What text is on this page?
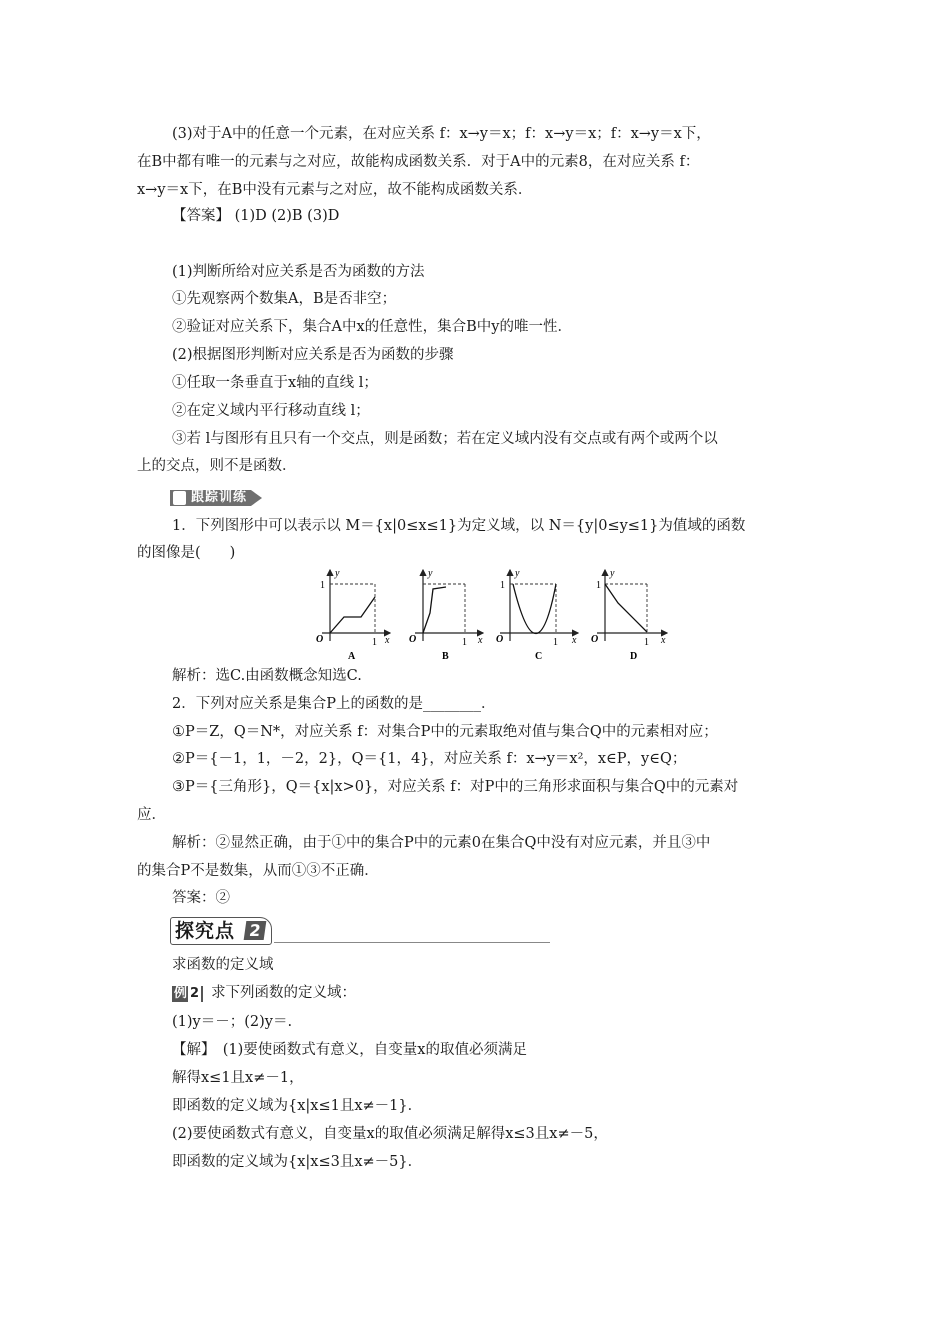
(3)对于A中的任意一个元素，在对应关系 f：x→y＝x；f：x→y＝x；f：x→y＝x下，
在B中都有唯一的元素与之对应，故能构成函数关系．对于A中的元素8，在对应关系 f：
x→y＝x下，在B中没有元素与之对应，故不能构成函数关系．
【答案】 (1)D (2)B (3)D
(1)判断所给对应关系是否为函数的方法
①先观察两个数集A，B是否非空；
②验证对应关系下，集合A中x的任意性，集合B中y的唯一性．
(2)根据图形判断对应关系是否为函数的步骤
①任取一条垂直于x轴的直线 l；
②在定义域内平行移动直线 l；
③若 l与图形有且只有一个交点，则是函数；若在定义域内没有交点或有两个或两个以
上的交点，则不是函数．
跟踪训练
1．下列图形中可以表示以 M＝{x|0≤x≤1}为定义域，以 N＝{y|0≤y≤1}为值域的函数
的图像是(　　)
y
x
O
1
1
A
y
x
O	1
B
y
x
O
1
1
C
y
x
O
1
1
D
解析：选C.由函数概念知选C.
2．下列对应关系是集合P上的函数的是________．
①P＝Z，Q＝N*，对应关系 f：对集合P中的元素取绝对值与集合Q中的元素相对应；
②P＝{－1，1，－2，2}，Q＝{1，4}，对应关系 f：x→y＝x²，x∈P，y∈Q；
③P＝{三角形}，Q＝{x|x>0}，对应关系 f：对P中的三角形求面积与集合Q中的元素对
应．
解析：②显然正确，由于①中的集合P中的元素0在集合Q中没有对应元素，并且③中
的集合P不是数集，从而①③不正确．
答案：②
探究点 2
求函数的定义域
例 2 求下列函数的定义域：
(1)y＝－；(2)y＝.
【解】　(1)要使函数式有意义，自变量x的取值必须满足
解得x≤1且x≠－1，
即函数的定义域为{x|x≤1且x≠－1}．
(2)要使函数式有意义，自变量x的取值必须满足解得x≤3且x≠－5，
即函数的定义域为{x|x≤3且x≠－5}．
